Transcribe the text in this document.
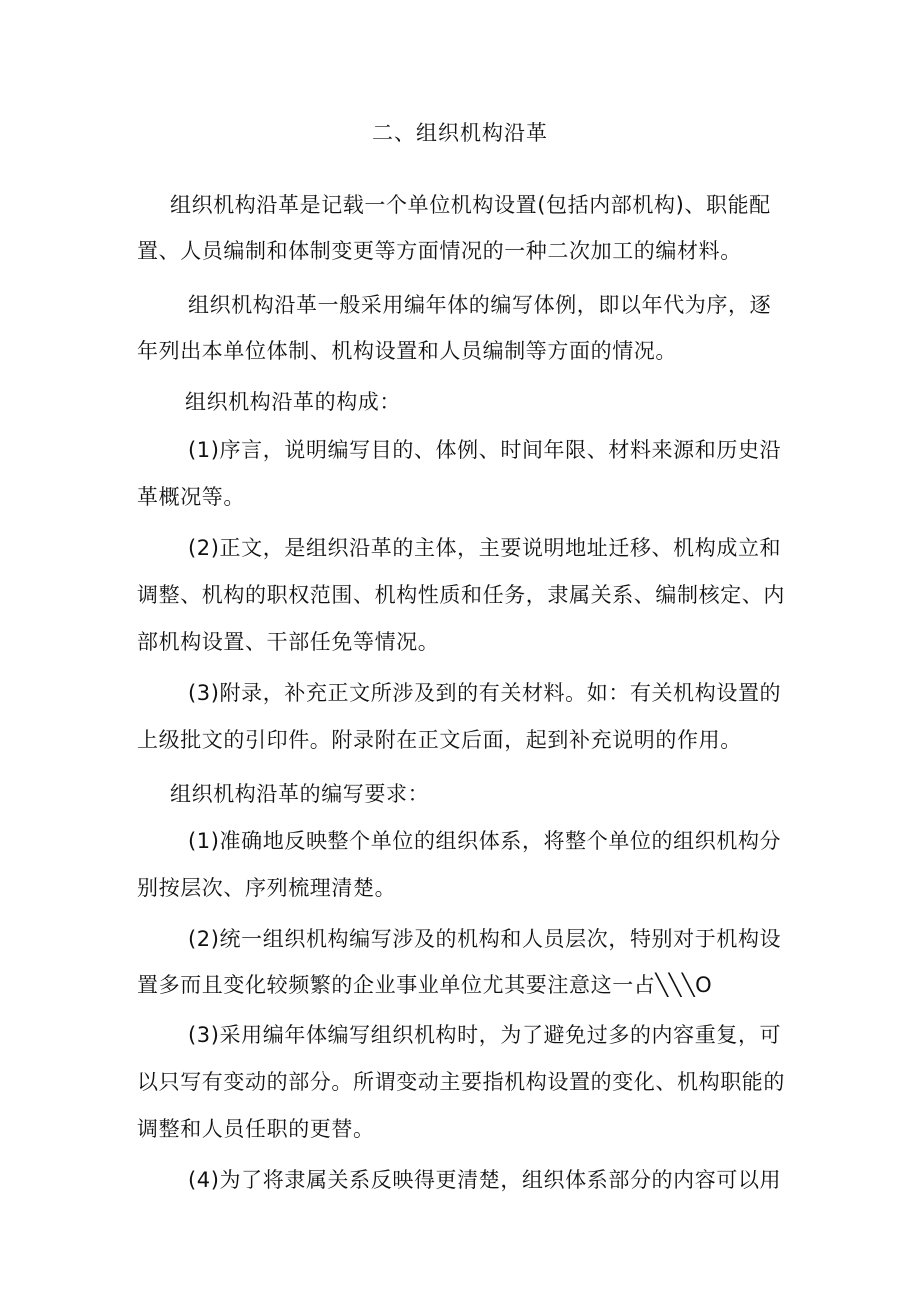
二、组织机构沿革
组织机构沿革是记载一个单位机构设置(包括内部机构)、职能配
置、人员编制和体制变更等方面情况的一种二次加工的编材料。
组织机构沿革一般采用编年体的编写体例，即以年代为序，逐
年列出本单位体制、机构设置和人员编制等方面的情况。
组织机构沿革的构成：
(1)序言，说明编写目的、体例、时间年限、材料来源和历史沿
革概况等。
(2)正文，是组织沿革的主体，主要说明地址迁移、机构成立和
调整、机构的职权范围、机构性质和任务，隶属关系、编制核定、内
部机构设置、干部任免等情况。
(3)附录，补充正文所涉及到的有关材料。如：有关机构设置的
上级批文的引印件。附录附在正文后面，起到补充说明的作用。
组织机构沿革的编写要求：
(1)准确地反映整个单位的组织体系，将整个单位的组织机构分
别按层次、序列梳理清楚。
(2)统一组织机构编写涉及的机构和人员层次，特别对于机构设
置多而且变化较频繁的企业事业单位尤其要注意这一占╲╲╲O
(3)采用编年体编写组织机构时，为了避免过多的内容重复，可
以只写有变动的部分。所谓变动主要指机构设置的变化、机构职能的
调整和人员任职的更替。
(4)为了将隶属关系反映得更清楚，组织体系部分的内容可以用
